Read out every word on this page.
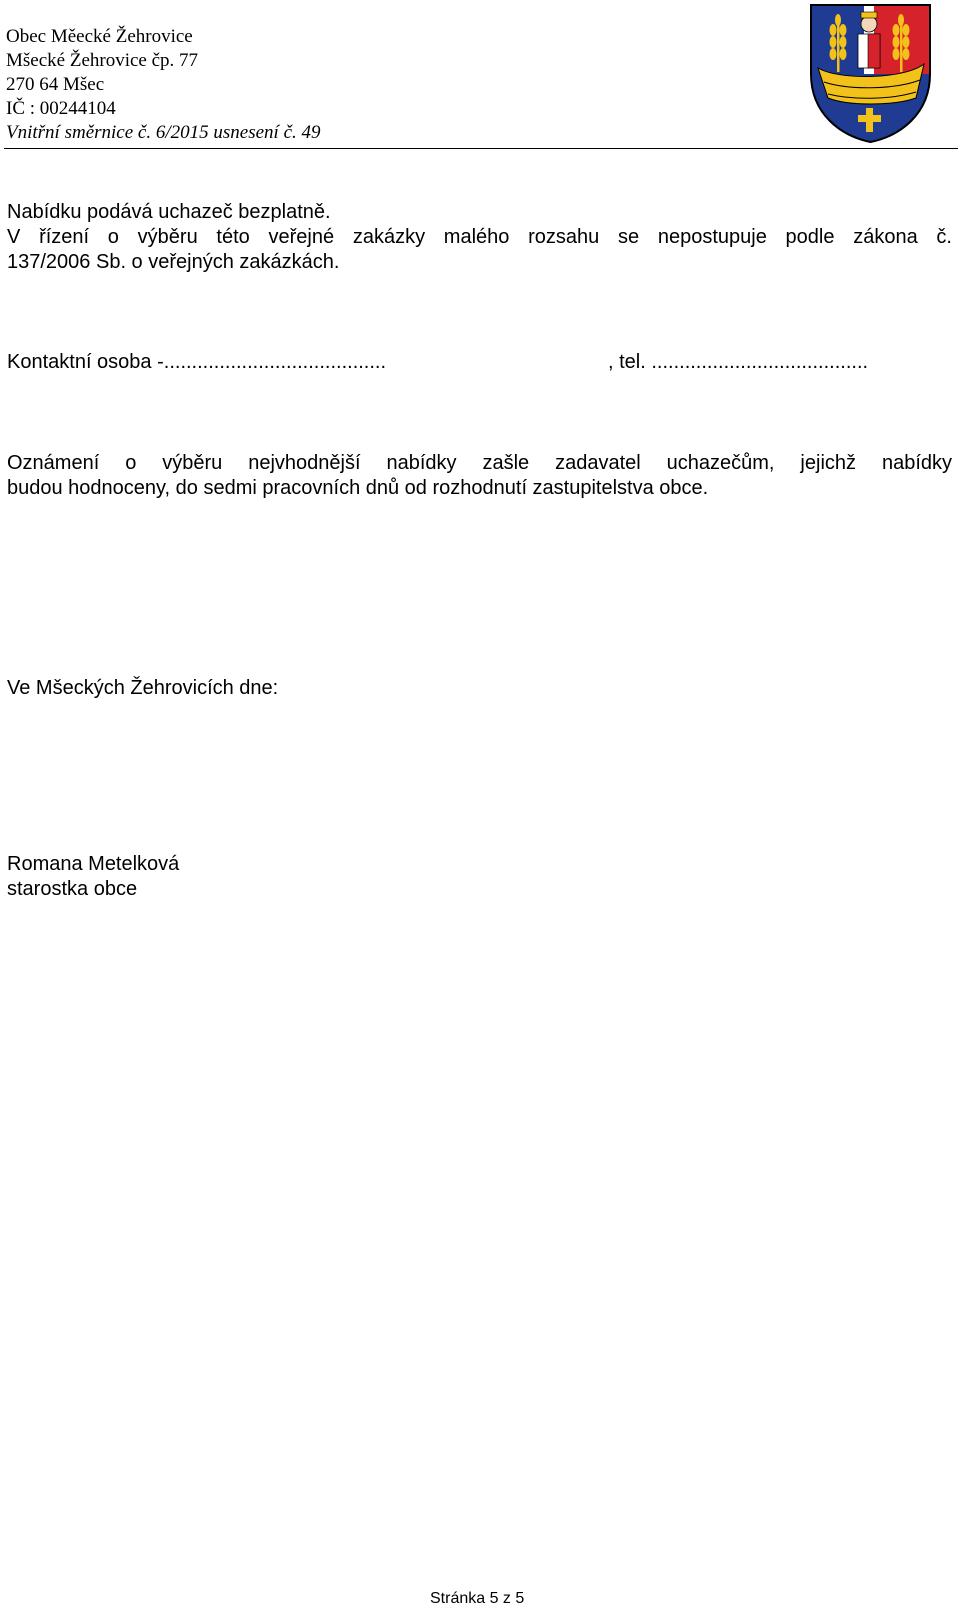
Obec Měecké Žehrovice
Mšecké Žehrovice čp. 77
270 64 Mšec
IČ : 00244104
Vnitřní směrnice č. 6/2015 usnesení č. 49
Nabídku podává uchazeč bezplatně.
V řízení o výběru této veřejné zakázky malého rozsahu se nepostupuje podle zákona č.
137/2006 Sb. o veřejných zakázkách.
Kontaktní osoba -........................................	, tel. .......................................
Oznámení o výběru nejvhodnější nabídky zašle zadavatel uchazečům, jejichž nabídky
budou hodnoceny, do sedmi pracovních dnů od rozhodnutí zastupitelstva obce.
Ve Mšeckých Žehrovicích dne:
Romana Metelková
starostka obce
Stránka 5 z 5
